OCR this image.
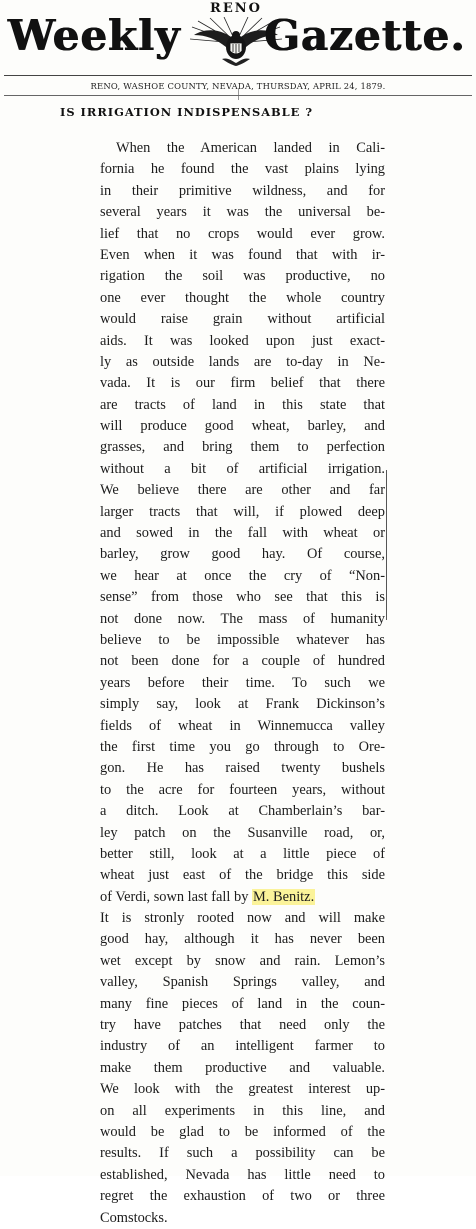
Weekly
RENO
Gazette.
RENO, WASHOE COUNTY, NEVADA, THURSDAY, APRIL 24, 1879.
IS IRRIGATION INDISPENSABLE ?
When the American landed in Cali-
fornia he found the vast plains lying
in their primitive wildness, and for
several years it was the universal be-
lief that no crops would ever grow.
Even when it was found that with ir-
rigation the soil was productive, no
one ever thought the whole country
would raise grain without artificial
aids. It was looked upon just exact-
ly as outside lands are to-day in Ne-
vada. It is our firm belief that there
are tracts of land in this state that
will produce good wheat, barley, and
grasses, and bring them to perfection
without a bit of artificial irrigation.
We believe there are other and far
larger tracts that will, if plowed deep
and sowed in the fall with wheat or
barley, grow good hay. Of course,
we hear at once the cry of “Non-
sense” from those who see that this is
not done now. The mass of humanity
believe to be impossible whatever has
not been done for a couple of hundred
years before their time. To such we
simply say, look at Frank Dickinson’s
fields of wheat in Winnemucca valley
the first time you go through to Ore-
gon. He has raised twenty bushels
to the acre for fourteen years, without
a ditch. Look at Chamberlain’s bar-
ley patch on the Susanville road, or,
better still, look at a little piece of
wheat just east of the bridge this side
of Verdi, sown last fall by M. Benitz.
It is stronly rooted now and will make
good hay, although it has never been
wet except by snow and rain. Lemon’s
valley, Spanish Springs valley, and
many fine pieces of land in the coun-
try have patches that need only the
industry of an intelligent farmer to
make them productive and valuable.
We look with the greatest interest up-
on all experiments in this line, and
would be glad to be informed of the
results. If such a possibility can be
established, Nevada has little need to
regret the exhaustion of two or three
Comstocks.
